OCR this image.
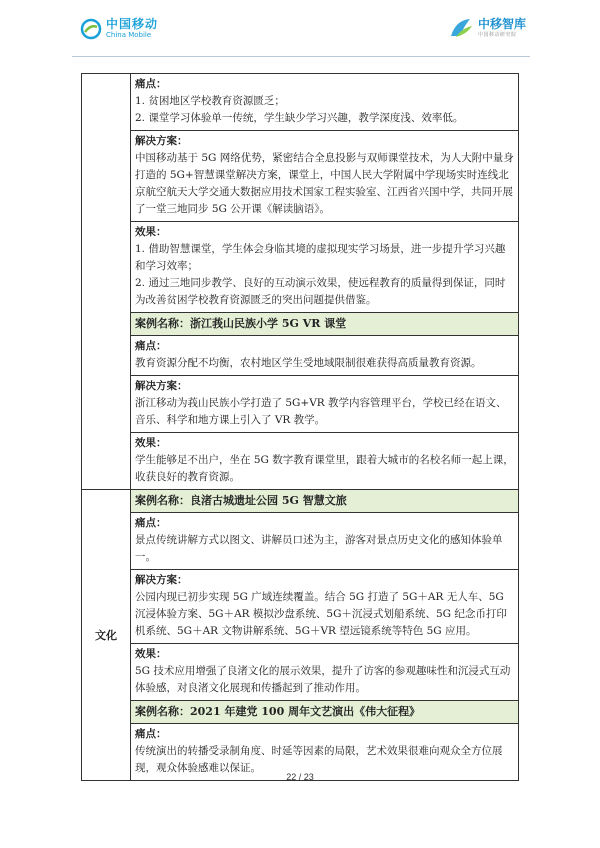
中国移动
China Mobile
中移智库
中国移动研究院

	痛点：
1. 贫困地区学校教育资源匮乏；
2. 课堂学习体验单一传统，学生缺少学习兴趣，教学深度浅、效率低。

	解决方案：
中国移动基于 5G 网络优势，紧密结合全息投影与双师课堂技术，为人大附中量身打造的 5G+智慧课堂解决方案，课堂上，中国人民大学附属中学现场实时连线北京航空航天大学交通大数据应用技术国家工程实验室、江西省兴国中学，共同开展了一堂三地同步 5G 公开课《解读脑语》。

	效果：
1. 借助智慧课堂，学生体会身临其境的虚拟现实学习场景，进一步提升学习兴趣和学习效率；
2. 通过三地同步教学、良好的互动演示效果，使远程教育的质量得到保证，同时为改善贫困学校教育资源匮乏的突出问题提供借鉴。

	案例名称：浙江莪山民族小学 5G VR 课堂

	痛点：
教育资源分配不均衡，农村地区学生受地域限制很难获得高质量教育资源。

	解决方案：
浙江移动为莪山民族小学打造了 5G+VR 教学内容管理平台，学校已经在语文、音乐、科学和地方课上引入了 VR 教学。

	效果：
学生能够足不出户，坐在 5G 数字教育课堂里，跟着大城市的名校名师一起上课，收获良好的教育资源。

文化	案例名称：良渚古城遗址公园 5G 智慧文旅

	痛点：
景点传统讲解方式以图文、讲解员口述为主，游客对景点历史文化的感知体验单一。

	解决方案：
公园内现已初步实现 5G 广域连续覆盖。结合 5G 打造了 5G＋AR 无人车、5G 沉浸体验方案、5G＋AR 模拟沙盘系统、5G＋沉浸式划船系统、5G 纪念币打印机系统、5G＋AR 文物讲解系统、5G＋VR 望远镜系统等特色 5G 应用。

	效果：
5G 技术应用增强了良渚文化的展示效果，提升了访客的参观趣味性和沉浸式互动体验感，对良渚文化展现和传播起到了推动作用。

	案例名称：2021 年建党 100 周年文艺演出《伟大征程》

	痛点：
传统演出的转播受录制角度、时延等因素的局限，艺术效果很难向观众全方位展现，观众体验感难以保证。
22 / 23
